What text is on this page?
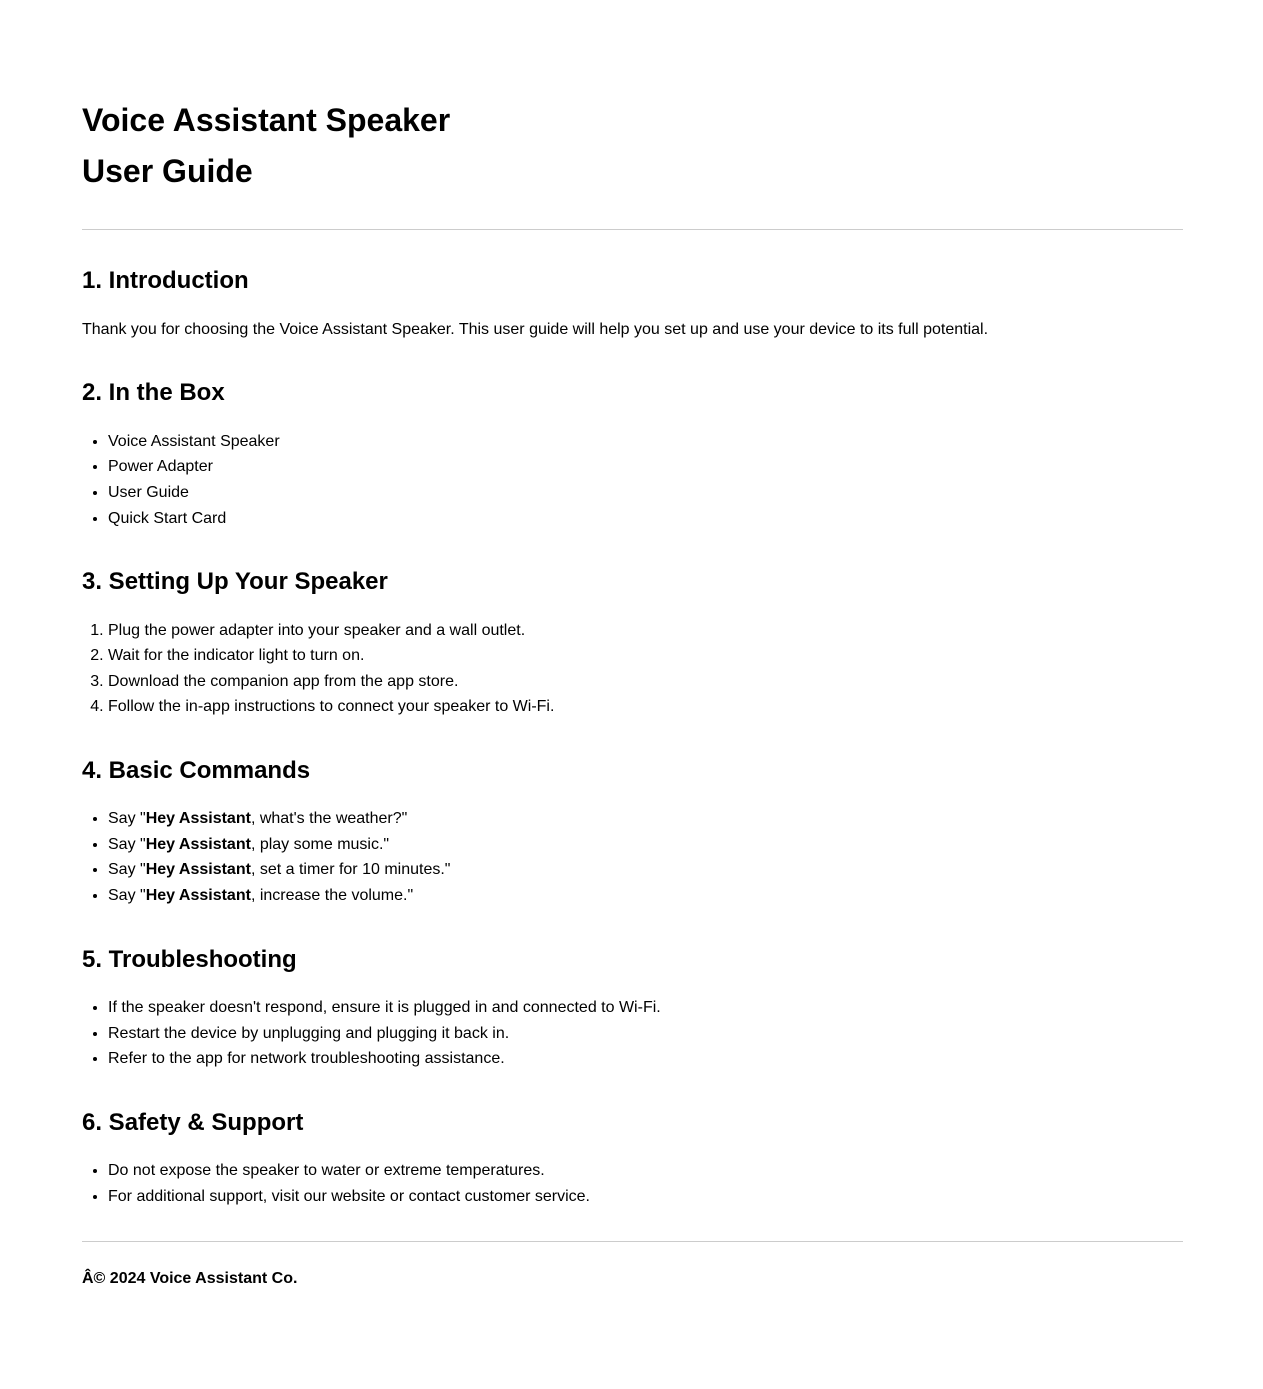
Voice Assistant Speaker
User Guide
1. Introduction

Thank you for choosing the Voice Assistant Speaker. This user guide will help you set up and use your device to its full potential.

2. In the Box
• Voice Assistant Speaker
• Power Adapter
• User Guide
• Quick Start Card
3. Setting Up Your Speaker
1. Plug the power adapter into your speaker and a wall outlet.
2. Wait for the indicator light to turn on.
3. Download the companion app from the app store.
4. Follow the in-app instructions to connect your speaker to Wi-Fi.
4. Basic Commands
• Say "Hey Assistant, what's the weather?"
• Say "Hey Assistant, play some music."
• Say "Hey Assistant, set a timer for 10 minutes."
• Say "Hey Assistant, increase the volume."
5. Troubleshooting
• If the speaker doesn't respond, ensure it is plugged in and connected to Wi-Fi.
• Restart the device by unplugging and plugging it back in.
• Refer to the app for network troubleshooting assistance.
6. Safety & Support
• Do not expose the speaker to water or extreme temperatures.
• For additional support, visit our website or contact customer service.

Â© 2024 Voice Assistant Co.
